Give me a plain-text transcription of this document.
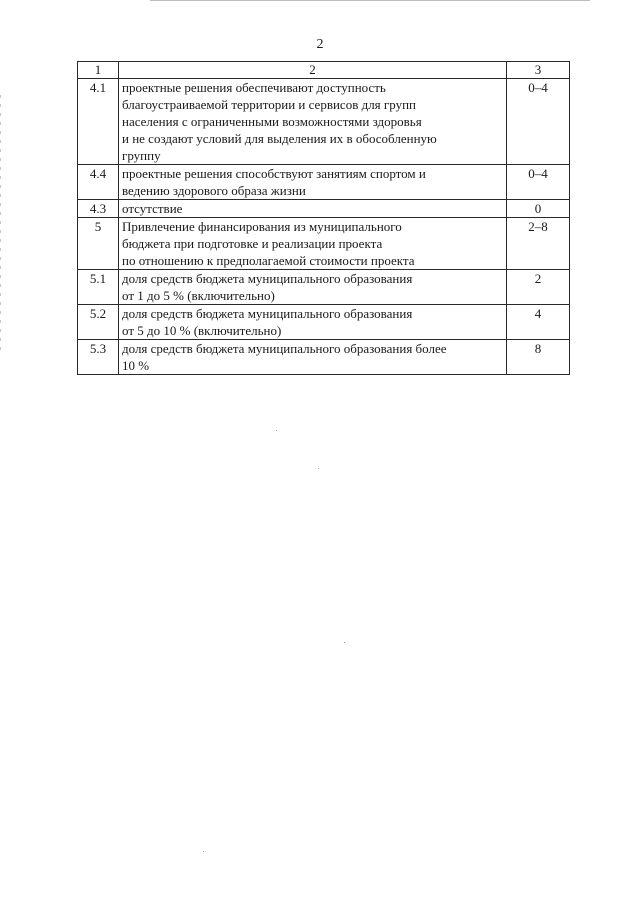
2
1	2	3
4.1	проектные решения обеспечивают доступность
благоустраиваемой территории и сервисов для групп
населения с ограниченными возможностями здоровья
и не создают условий для выделения их в обособленную
группу	0–4
4.4	проектные решения способствуют занятиям спортом и
ведению здорового образа жизни	0–4
4.3	отсутствие	0
5	Привлечение финансирования из муниципального
бюджета при подготовке и реализации проекта
по отношению к предполагаемой стоимости проекта	2–8
5.1	доля средств бюджета муниципального образования
от 1 до 5 % (включительно)	2
5.2	доля средств бюджета муниципального образования
от 5 до 10 % (включительно)	4
5.3	доля средств бюджета муниципального образования более
10 %	8
